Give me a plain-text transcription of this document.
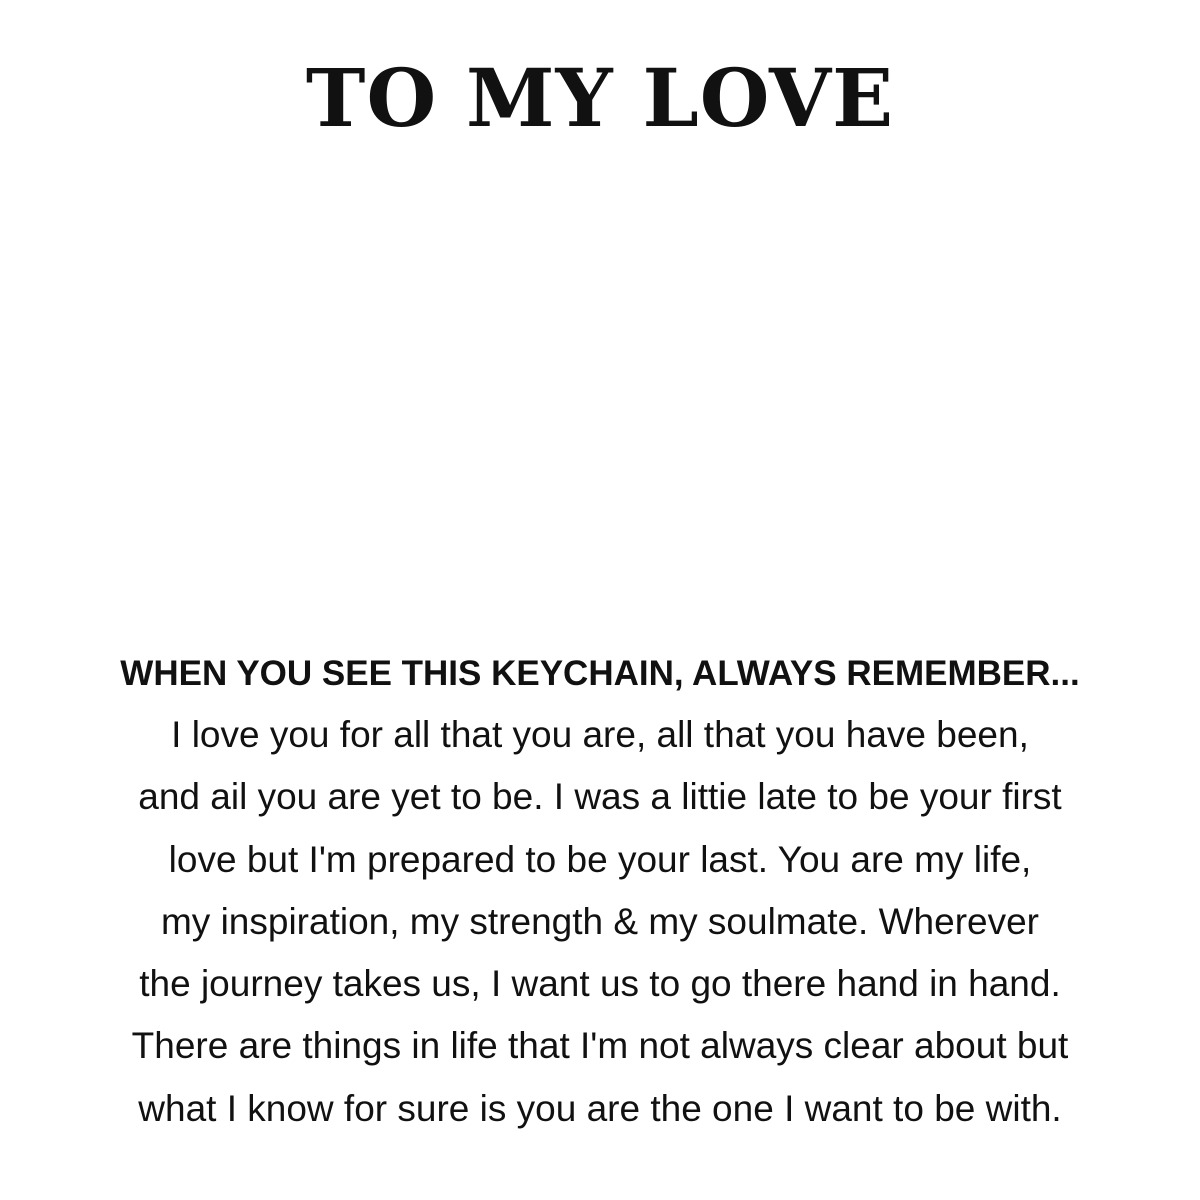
TO MY LOVE

WHEN YOU SEE THIS KEYCHAIN, ALWAYS REMEMBER...

I love you for all that you are, all that you have been,

and ail you are yet to be. I was a littie late to be your first

love but I'm prepared to be your last. You are my life,

my inspiration, my strength & my soulmate. Wherever

the journey takes us, I want us to go there hand in hand.

There are things in life that I'm not always clear about but

what I know for sure is you are the one I want to be with.
